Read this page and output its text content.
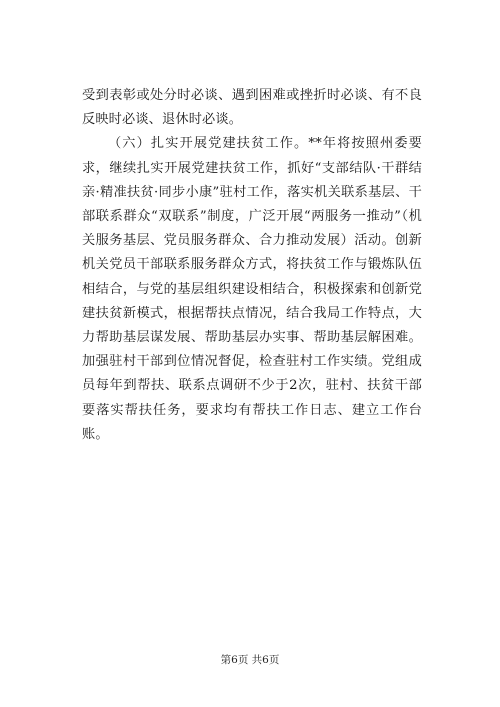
受到表彰或处分时必谈、遇到困难或挫折时必谈、有不良反映时必谈、退休时必谈。

（六）扎实开展党建扶贫工作。**年将按照州委要求，继续扎实开展党建扶贫工作，抓好“支部结队·干群结亲·精准扶贫·同步小康”驻村工作，落实机关联系基层、干部联系群众“双联系”制度，广泛开展“两服务一推动”（机关服务基层、党员服务群众、合力推动发展）活动。创新机关党员干部联系服务群众方式，将扶贫工作与锻炼队伍相结合，与党的基层组织建设相结合，积极探索和创新党建扶贫新模式，根据帮扶点情况，结合我局工作特点，大力帮助基层谋发展、帮助基层办实事、帮助基层解困难。加强驻村干部到位情况督促，检查驻村工作实绩。党组成员每年到帮扶、联系点调研不少于2次，驻村、扶贫干部要落实帮扶任务，要求均有帮扶工作日志、建立工作台账。

第6页 共6页
